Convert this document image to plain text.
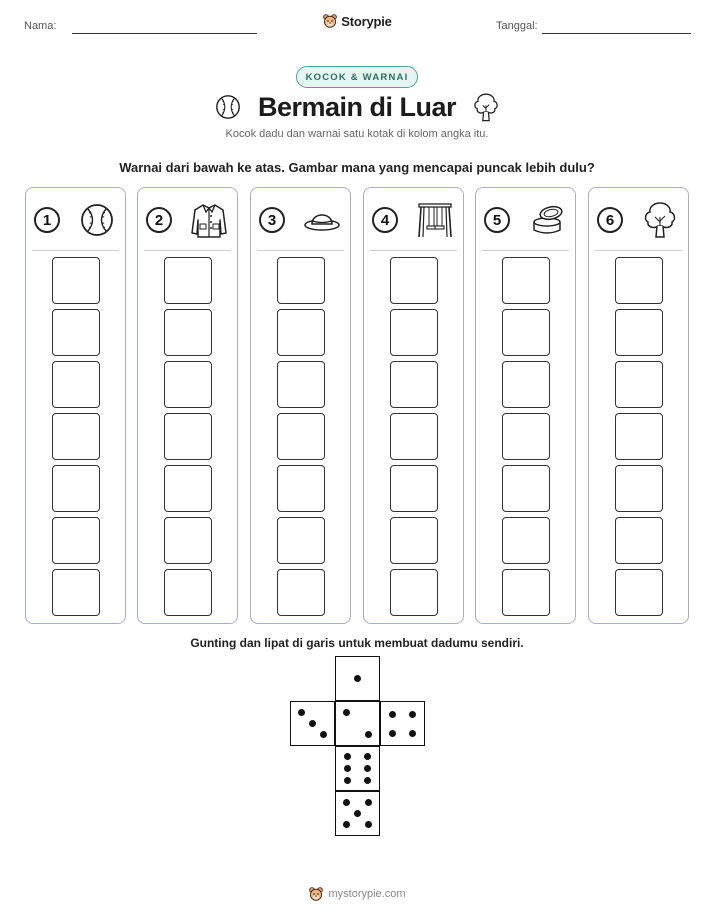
Nama:	Storypie	Tanggal:
KOCOK & WARNAI
Bermain di Luar
Kocok dadu dan warnai satu kotak di kolom angka itu.
Warnai dari bawah ke atas. Gambar mana yang mencapai puncak lebih dulu?
1	2	3	4	5	6
Gunting dan lipat di garis untuk membuat dadumu sendiri.
mystorypie.com
